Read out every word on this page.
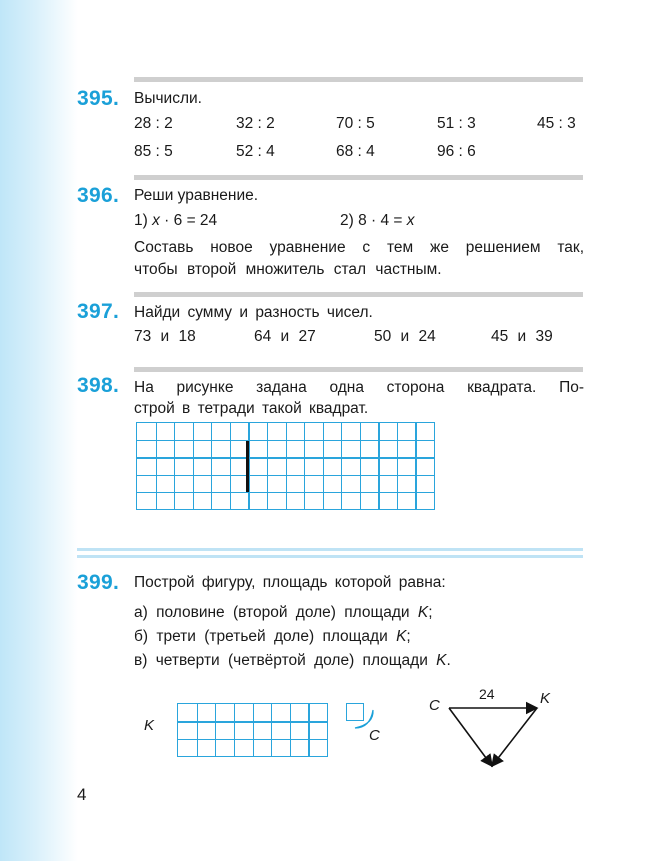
395. Вычисли.
28 : 2	32 : 2	70 : 5	51 : 3	45 : 3
85 : 5	52 : 4	68 : 4	96 : 6
396. Реши уравнение.
1) x · 6 = 24	2) 8 · 4 = x
Составь новое уравнение с тем же решением так,
чтобы второй множитель стал частным.
397. Найди сумму и разность чисел.
73 и 18	64 и 27	50 и 24	45 и 39
398. На рисунке задана одна сторона квадрата. По-
строй в тетради такой квадрат.
399. Построй фигуру, площадь которой равна:
а) половине (второй доле) площади K;
б) трети (третьей доле) площади K;
в) четверти (четвёртой доле) площади K.
K
C
C	K
24
4
